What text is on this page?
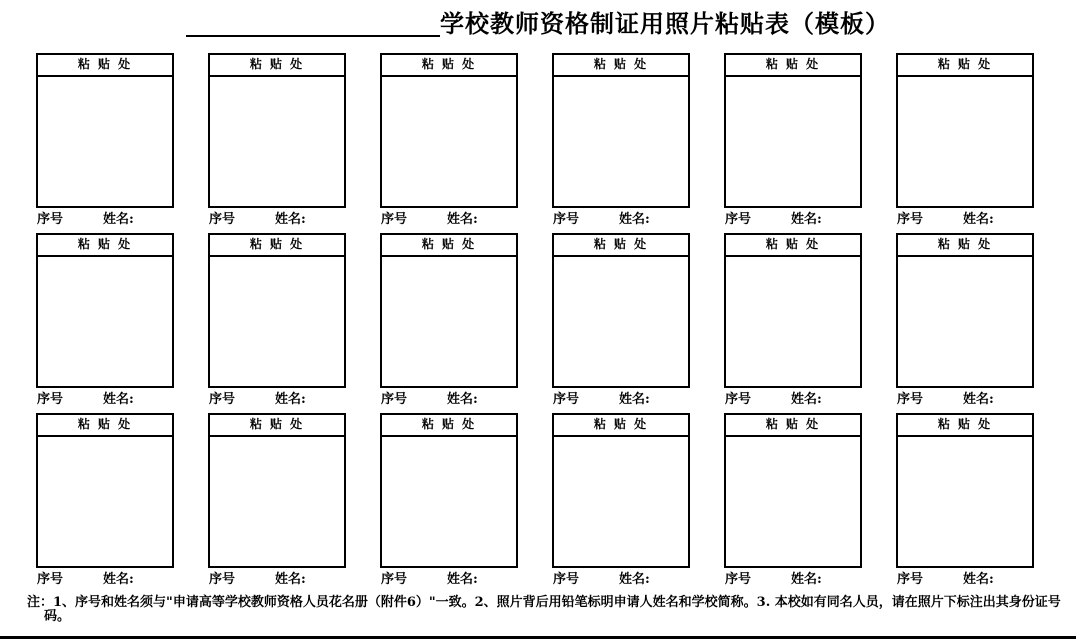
学校教师资格制证用照片粘贴表（模板）
粘 贴 处
序号	姓名:
粘 贴 处
序号	姓名:
粘 贴 处
序号	姓名:
粘 贴 处
序号	姓名:
粘 贴 处
序号	姓名:
粘 贴 处
序号	姓名:
粘 贴 处
序号	姓名:
粘 贴 处
序号	姓名:
粘 贴 处
序号	姓名:
粘 贴 处
序号	姓名:
粘 贴 处
序号	姓名:
粘 贴 处
序号	姓名:
粘 贴 处
序号	姓名:
粘 贴 处
序号	姓名:
粘 贴 处
序号	姓名:
粘 贴 处
序号	姓名:
粘 贴 处
序号	姓名:
粘 贴 处
序号	姓名:

注：1、序号和姓名须与"申请高等学校教师资格人员花名册（附件6）"一致。2、照片背后用铅笔标明申请人姓名和学校简称。3. 本校如有同名人员，请在照片下标注出其身份证号码。
